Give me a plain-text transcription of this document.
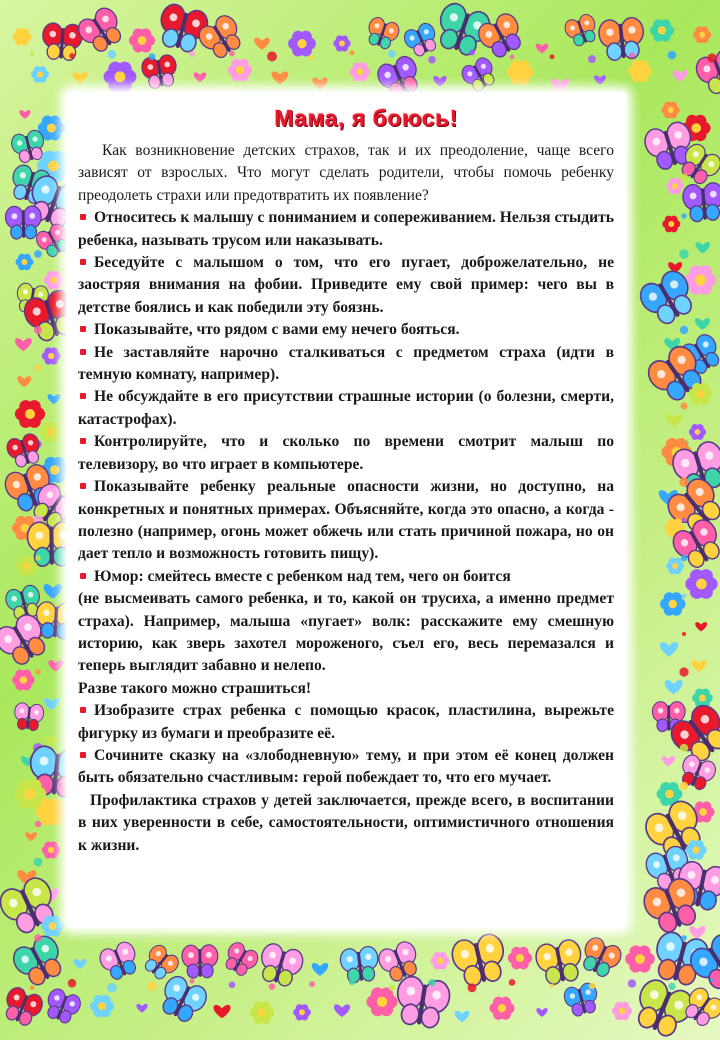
Мама, я боюсь!

Как возникновение детских страхов, так и их преодоление, чаще всего зависят от взрослых. Что могут сделать родители, чтобы помочь ребенку преодолеть страхи или предотвратить их появление?

Относитесь к малышу с пониманием и сопереживанием. Нельзя стыдить ребенка, называть трусом или наказывать.

Беседуйте с малышом о том, что его пугает, доброжелательно, не заостряя внимания на фобии. Приведите ему свой пример: чего вы в детстве боялись и как победили эту боязнь.

Показывайте, что рядом с вами ему нечего бояться.

Не заставляйте нарочно сталкиваться с предметом страха (идти в темную комнату, например).

Не обсуждайте в его присутствии страшные истории (о болезни, смерти, катастрофах).

Контролируйте, что и сколько по времени смотрит малыш по телевизору, во что играет в компьютере.

Показывайте ребенку реальные опасности жизни, но доступно, на конкретных и понятных примерах. Объясняйте, когда это опасно, а когда - полезно (например, огонь может обжечь или стать причиной пожара, но он дает тепло и возможность готовить пищу).

Юмор: смейтесь вместе с ребенком над тем, чего он боится

(не высмеивать самого ребенка, и то, какой он трусиха, а именно предмет страха). Например, малыша «пугает» волк: расскажите ему смешную историю, как зверь захотел мороженого, съел его, весь перемазался и теперь выглядит забавно и нелепо.

Разве такого можно страшиться!

Изобразите страх ребенка с помощью красок, пластилина, вырежьте фигурку из бумаги и преобразите её.

Сочините сказку на «злободневную» тему, и при этом её конец должен быть обязательно счастливым: герой побеждает то, что его мучает.

Профилактика страхов у детей заключается, прежде всего, в воспитании в них уверенности в себе, самостоятельности, оптимистичного отношения к жизни.
